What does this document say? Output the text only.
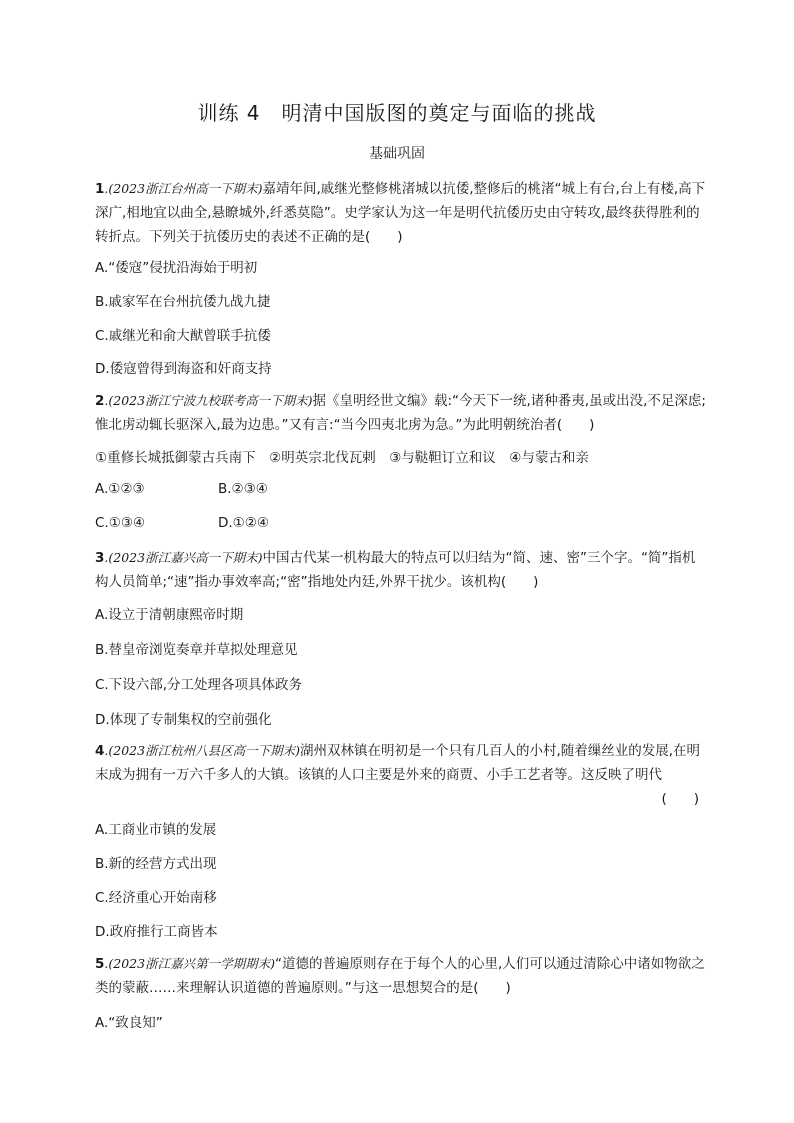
训练 4　明清中国版图的奠定与面临的挑战
基础巩固
1.(2023浙江台州高一下期末)嘉靖年间,戚继光整修桃渚城以抗倭,整修后的桃渚“城上有台,台上有楼,高下深广,相地宜以曲全,悬瞭城外,纤悉莫隐”。史学家认为这一年是明代抗倭历史由守转攻,最终获得胜利的转折点。下列关于抗倭历史的表述不正确的是(　　)
A.“倭寇”侵扰沿海始于明初
B.戚家军在台州抗倭九战九捷
C.戚继光和俞大猷曾联手抗倭
D.倭寇曾得到海盗和奸商支持
2.(2023浙江宁波九校联考高一下期末)据《皇明经世文编》载:“今天下一统,诸种番夷,虽或出没,不足深虑;惟北虏动辄长驱深入,最为边患。”又有言:“当今四夷北虏为急。”为此明朝统治者(　　)
①重修长城抵御蒙古兵南下　②明英宗北伐瓦剌　③与鞑靼订立和议　④与蒙古和亲
A.①②③	B.②③④
C.①③④	D.①②④
3.(2023浙江嘉兴高一下期末)中国古代某一机构最大的特点可以归结为“简、速、密”三个字。“简”指机构人员简单;“速”指办事效率高;“密”指地处内廷,外界干扰少。该机构(　　)
A.设立于清朝康熙帝时期
B.替皇帝浏览奏章并草拟处理意见
C.下设六部,分工处理各项具体政务
D.体现了专制集权的空前强化
4.(2023浙江杭州八县区高一下期末)湖州双林镇在明初是一个只有几百人的小村,随着缫丝业的发展,在明末成为拥有一万六千多人的大镇。该镇的人口主要是外来的商贾、小手工艺者等。这反映了明代
(　　)
A.工商业市镇的发展
B.新的经营方式出现
C.经济重心开始南移
D.政府推行工商皆本
5.(2023浙江嘉兴第一学期期末)“道德的普遍原则存在于每个人的心里,人们可以通过清除心中诸如物欲之类的蒙蔽……来理解认识道德的普遍原则。”与这一思想契合的是(　　)
A.“致良知”
